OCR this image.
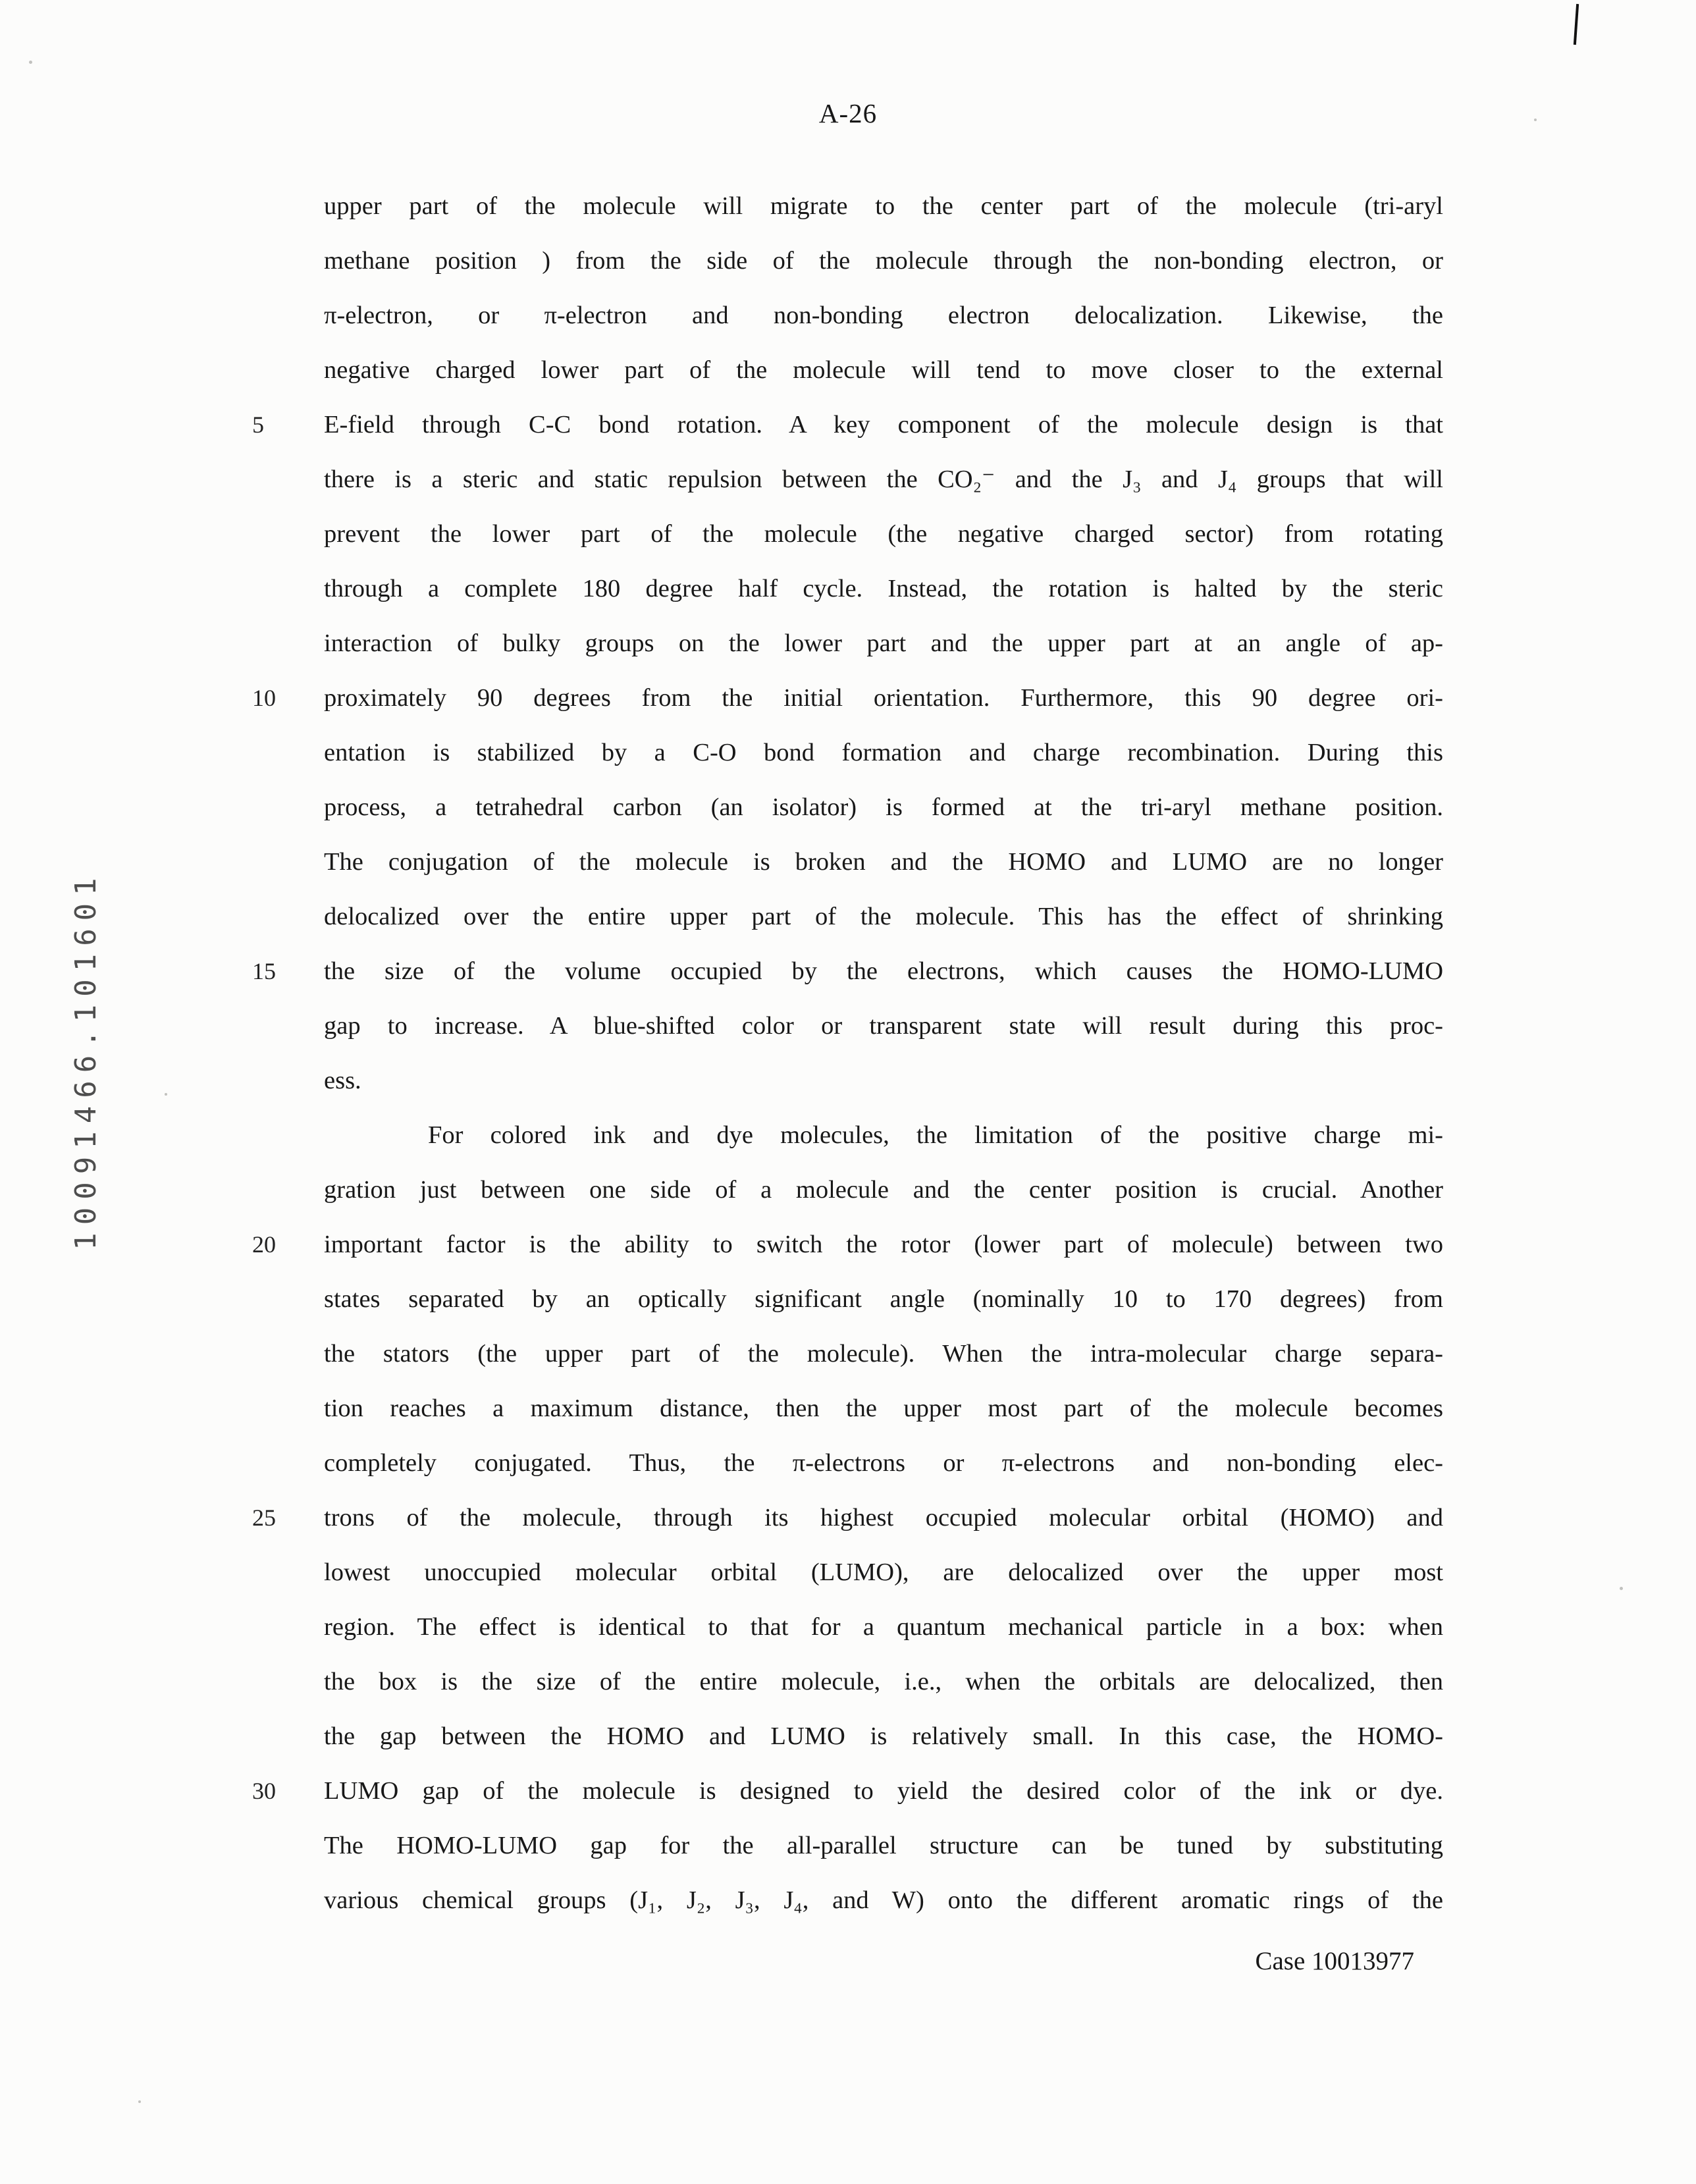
A-26
10091466.101601
upper part of the molecule will migrate to the center part of the molecule (tri-aryl
methane position ) from the side of the molecule through the non-bonding electron, or
π-electron, or π-electron and non-bonding electron delocalization. Likewise, the
negative charged lower part of the molecule will tend to move closer to the external
5 E-field through C-C bond rotation. A key component of the molecule design is that
there is a steric and static repulsion between the CO₂⁻ and the J₃ and J₄ groups that will
prevent the lower part of the molecule (the negative charged sector) from rotating
through a complete 180 degree half cycle. Instead, the rotation is halted by the steric
interaction of bulky groups on the lower part and the upper part at an angle of ap-
10 proximately 90 degrees from the initial orientation. Furthermore, this 90 degree ori-
entation is stabilized by a C-O bond formation and charge recombination. During this
process, a tetrahedral carbon (an isolator) is formed at the tri-aryl methane position.
The conjugation of the molecule is broken and the HOMO and LUMO are no longer
delocalized over the entire upper part of the molecule. This has the effect of shrinking
15 the size of the volume occupied by the electrons, which causes the HOMO-LUMO
gap to increase. A blue-shifted color or transparent state will result during this proc-
ess.
For colored ink and dye molecules, the limitation of the positive charge mi-
gration just between one side of a molecule and the center position is crucial. Another
20 important factor is the ability to switch the rotor (lower part of molecule) between two
states separated by an optically significant angle (nominally 10 to 170 degrees) from
the stators (the upper part of the molecule). When the intra-molecular charge separa-
tion reaches a maximum distance, then the upper most part of the molecule becomes
completely conjugated. Thus, the π-electrons or π-electrons and non-bonding elec-
25 trons of the molecule, through its highest occupied molecular orbital (HOMO) and
lowest unoccupied molecular orbital (LUMO), are delocalized over the upper most
region. The effect is identical to that for a quantum mechanical particle in a box: when
the box is the size of the entire molecule, i.e., when the orbitals are delocalized, then
the gap between the HOMO and LUMO is relatively small. In this case, the HOMO-
30 LUMO gap of the molecule is designed to yield the desired color of the ink or dye.
The HOMO-LUMO gap for the all-parallel structure can be tuned by substituting
various chemical groups (J₁, J₂, J₃, J₄, and W) onto the different aromatic rings of the
Case 10013977
